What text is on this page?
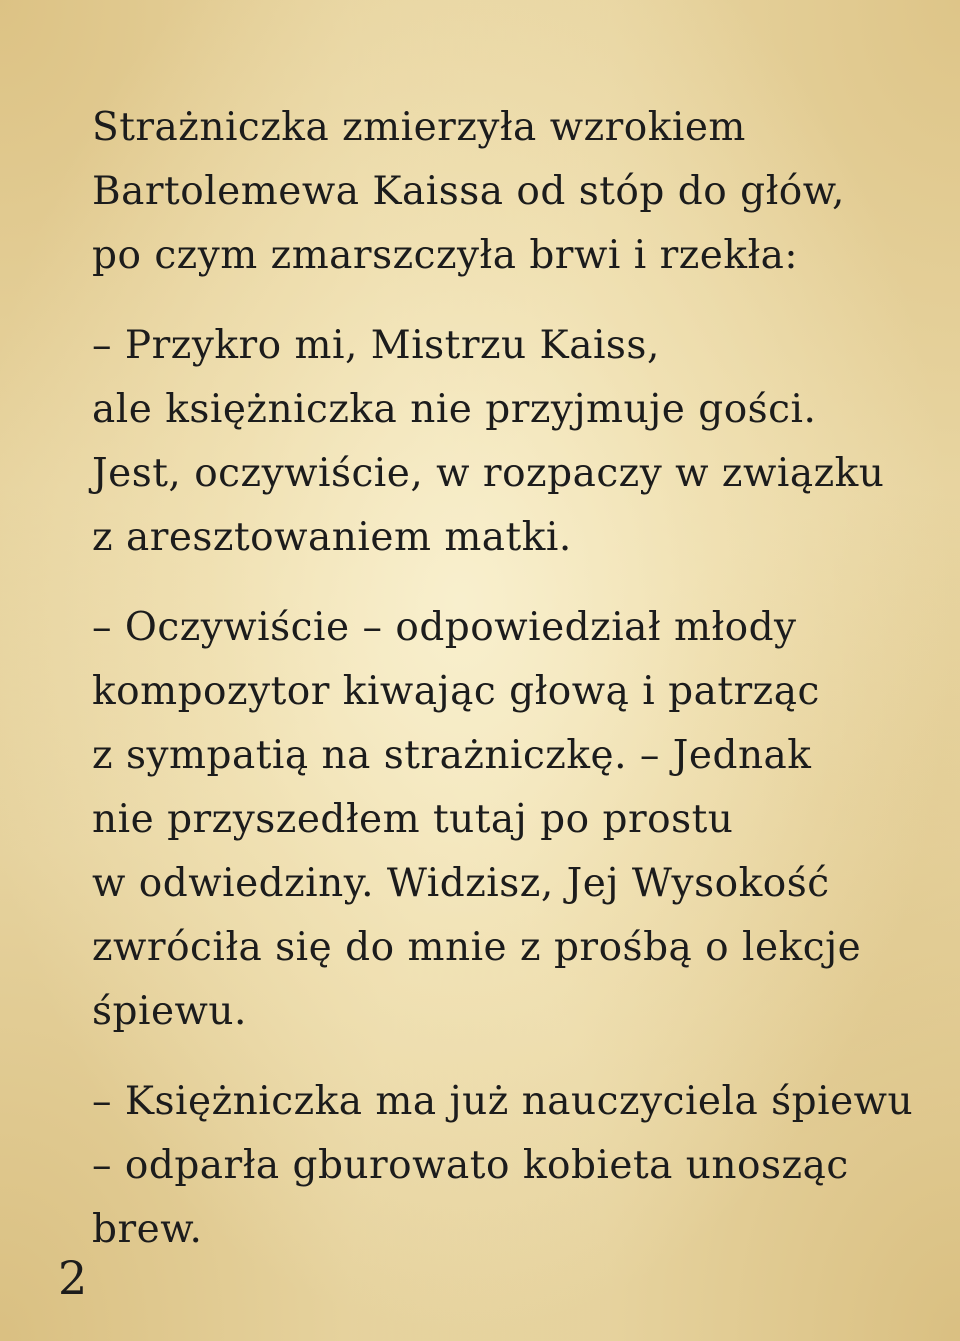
Strażniczka zmierzyła wzrokiem
Bartolemewa Kaissa od stóp do głów,
po czym zmarszczyła brwi i rzekła:

– Przykro mi, Mistrzu Kaiss,
ale księżniczka nie przyjmuje gości.
Jest, oczywiście, w rozpaczy w związku
z aresztowaniem matki.

– Oczywiście – odpowiedział młody
kompozytor kiwając głową i patrząc
z sympatią na strażniczkę. – Jednak
nie przyszedłem tutaj po prostu
w odwiedziny. Widzisz, Jej Wysokość
zwróciła się do mnie z prośbą o lekcje
śpiewu.

– Księżniczka ma już nauczyciela śpiewu
– odparła gburowato kobieta unosząc
brew.

2
